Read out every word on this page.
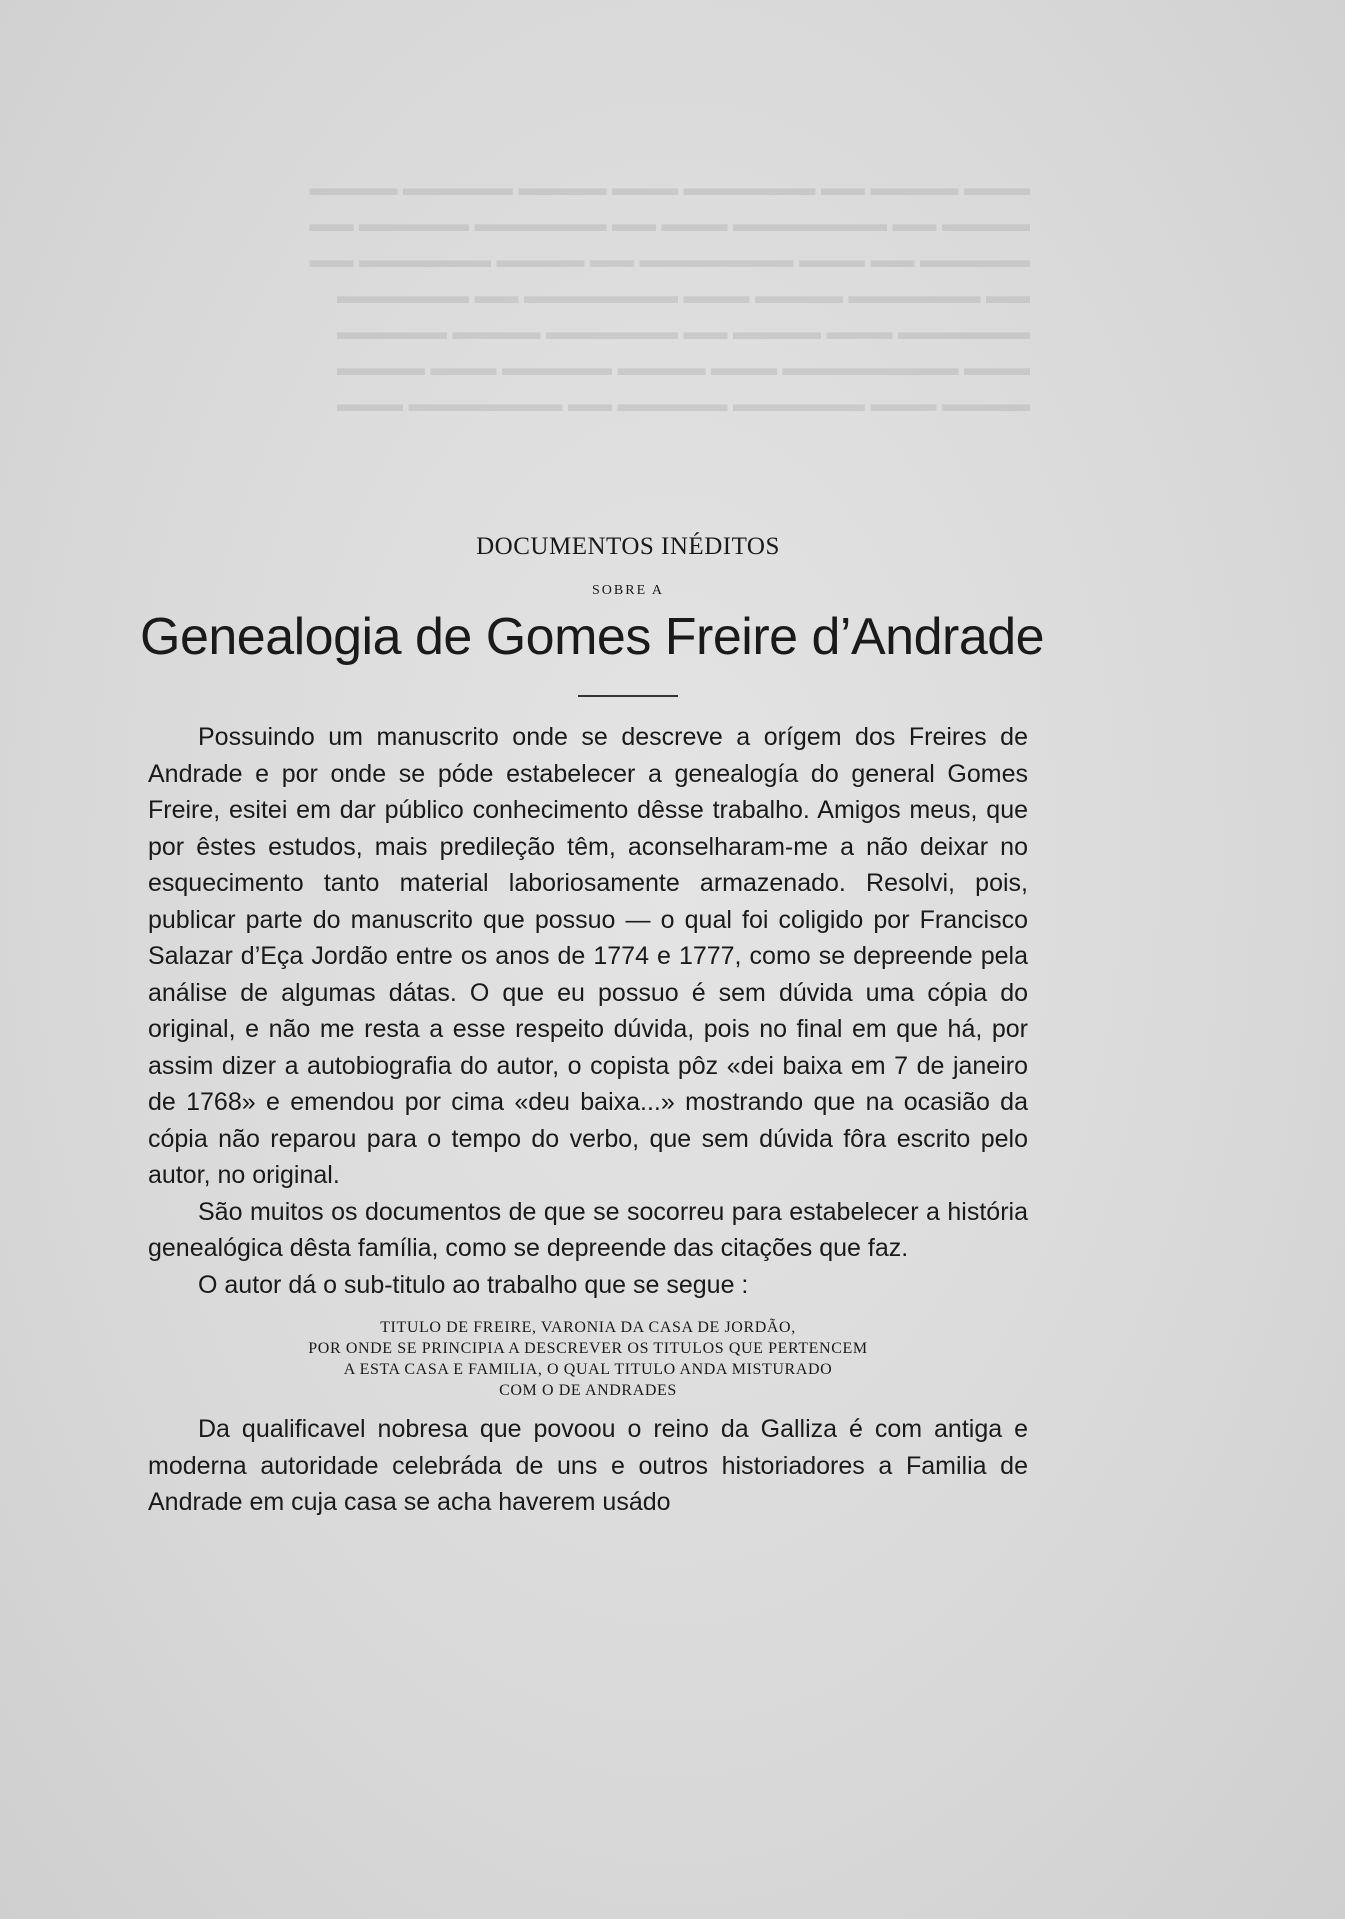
▬▬▬ ▬▬▬▬ ▬▬ ▬▬▬▬▬▬ ▬▬▬ ▬▬▬▬ ▬▬▬▬▬ ▬▬▬▬
▬▬▬▬ ▬▬ ▬▬▬▬▬▬▬ ▬▬▬ ▬▬ ▬▬▬▬▬▬ ▬▬▬▬▬ ▬▬
▬▬▬▬▬ ▬▬ ▬▬▬ ▬▬▬▬▬▬▬ ▬▬ ▬▬▬▬ ▬▬▬▬▬▬ ▬▬
▬▬ ▬▬▬▬▬▬ ▬▬▬▬ ▬▬▬ ▬▬▬▬▬▬▬ ▬▬ ▬▬▬▬▬▬
▬▬▬▬▬▬ ▬▬▬ ▬▬▬▬ ▬▬ ▬▬▬▬▬▬ ▬▬▬▬ ▬▬▬▬▬
▬▬▬ ▬▬▬▬▬▬▬▬ ▬▬▬ ▬▬▬▬ ▬▬▬▬▬ ▬▬▬ ▬▬▬▬
▬▬▬▬ ▬▬▬ ▬▬▬▬▬▬ ▬▬▬▬▬ ▬▬ ▬▬▬▬▬▬▬ ▬▬▬
DOCUMENTOS INÉDITOS
SOBRE A
Genealogia de Gomes Freire d’Andrade

Possuindo um manuscrito onde se descreve a orígem dos Freires de Andrade e por onde se póde estabelecer a genealogía do general Gomes Freire, esitei em dar público conhecimento dêsse trabalho. Amigos meus, que por êstes estudos, mais predileção têm, aconselharam-me a não deixar no esquecimento tanto material laboriosamente armazenado. Resolvi, pois, publicar parte do manuscrito que possuo — o qual foi coligido por Francisco Salazar d’Eça Jordão entre os anos de 1774 e 1777, como se depreende pela análise de algumas dátas. O que eu possuo é sem dúvida uma cópia do original, e não me resta a esse respeito dúvida, pois no final em que há, por assim dizer a autobiografia do autor, o copista pôz «dei baixa em 7 de janeiro de 1768» e emendou por cima «deu baixa...» mostrando que na ocasião da cópia não reparou para o tempo do verbo, que sem dúvida fôra escrito pelo autor, no original.

São muitos os documentos de que se socorreu para estabelecer a história genealógica dêsta família, como se depreende das citações que faz.

O autor dá o sub-titulo ao trabalho que se segue :

TITULO DE FREIRE, VARONIA DA CASA DE JORDÃO,
POR ONDE SE PRINCIPIA A DESCREVER OS TITULOS QUE PERTENCEM
A ESTA CASA E FAMILIA, O QUAL TITULO ANDA MISTURADO
COM O DE ANDRADES

Da qualificavel nobresa que povoou o reino da Galliza é com antiga e moderna autoridade celebráda de uns e outros historiadores a Familia de Andrade em cuja casa se acha haverem usádo
